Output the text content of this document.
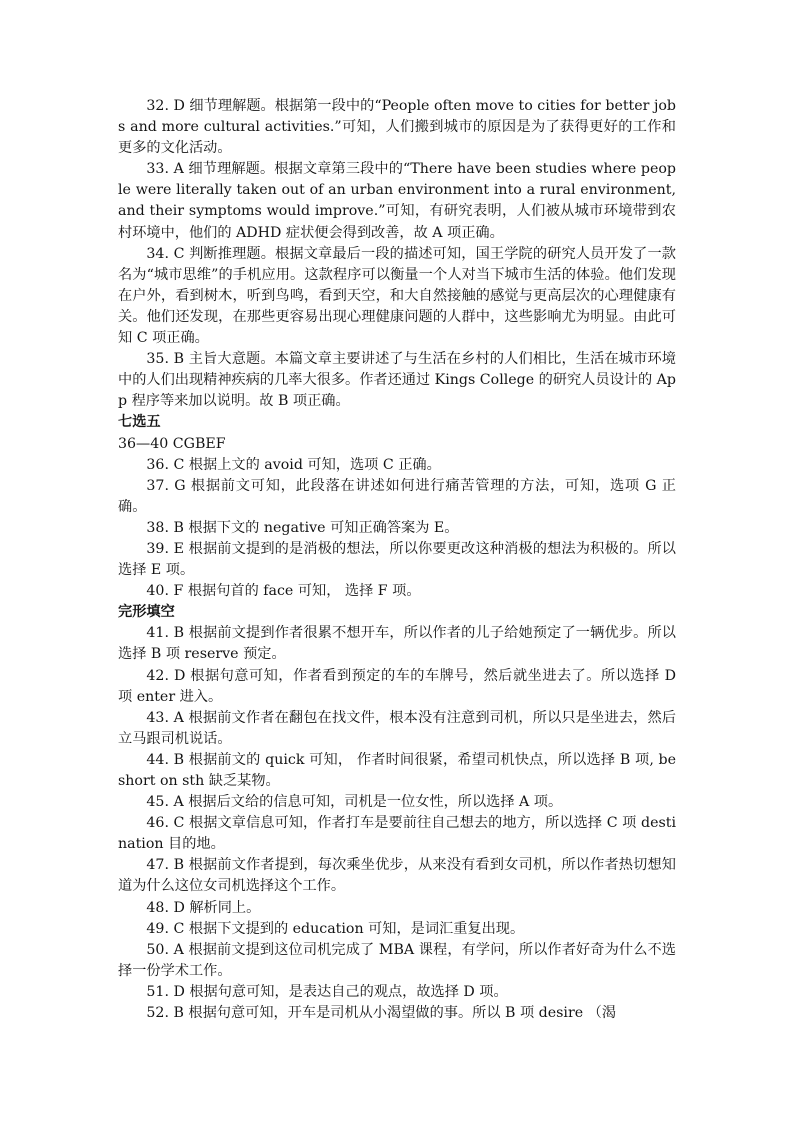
32. D 细节理解题。根据第一段中的“People often move to cities for better jobs and more cultural activities.”可知，人们搬到城市的原因是为了获得更好的工作和更多的文化活动。

33. A 细节理解题。根据文章第三段中的“There have been studies where people were literally taken out of an urban environment into a rural environment, and their symptoms would improve.”可知，有研究表明，人们被从城市环境带到农村环境中，他们的 ADHD 症状便会得到改善，故 A 项正确。

34. C 判断推理题。根据文章最后一段的描述可知，国王学院的研究人员开发了一款名为“城市思维”的手机应用。这款程序可以衡量一个人对当下城市生活的体验。他们发现在户外，看到树木，听到鸟鸣，看到天空，和大自然接触的感觉与更高层次的心理健康有关。他们还发现，在那些更容易出现心理健康问题的人群中，这些影响尤为明显。由此可知 C 项正确。

35. B 主旨大意题。本篇文章主要讲述了与生活在乡村的人们相比，生活在城市环境中的人们出现精神疾病的几率大很多。作者还通过 Kings College 的研究人员设计的 App 程序等来加以说明。故 B 项正确。

七选五

36—40 CGBEF

36. C 根据上文的 avoid 可知，选项 C 正确。

37. G 根据前文可知，此段落在讲述如何进行痛苦管理的方法，可知，选项 G 正确。

38. B 根据下文的 negative 可知正确答案为 E。

39. E 根据前文提到的是消极的想法，所以你要更改这种消极的想法为积极的。所以选择 E 项。

40. F 根据句首的 face 可知， 选择 F 项。

完形填空

41. B 根据前文提到作者很累不想开车，所以作者的儿子给她预定了一辆优步。所以选择 B 项 reserve 预定。

42. D 根据句意可知，作者看到预定的车的车牌号，然后就坐进去了。所以选择 D 项 enter 进入。

43. A 根据前文作者在翻包在找文件，根本没有注意到司机，所以只是坐进去，然后立马跟司机说话。

44. B 根据前文的 quick 可知， 作者时间很紧，希望司机快点，所以选择 B 项, be short on sth 缺乏某物。

45. A 根据后文给的信息可知，司机是一位女性，所以选择 A 项。

46. C 根据文章信息可知，作者打车是要前往自己想去的地方，所以选择 C 项 destination 目的地。

47. B 根据前文作者提到，每次乘坐优步，从来没有看到女司机，所以作者热切想知道为什么这位女司机选择这个工作。

48. D 解析同上。

49. C 根据下文提到的 education 可知，是词汇重复出现。

50. A 根据前文提到这位司机完成了 MBA 课程，有学问，所以作者好奇为什么不选择一份学术工作。

51. D 根据句意可知，是表达自己的观点，故选择 D 项。

52. B 根据句意可知，开车是司机从小渴望做的事。所以 B 项 desire （渴
